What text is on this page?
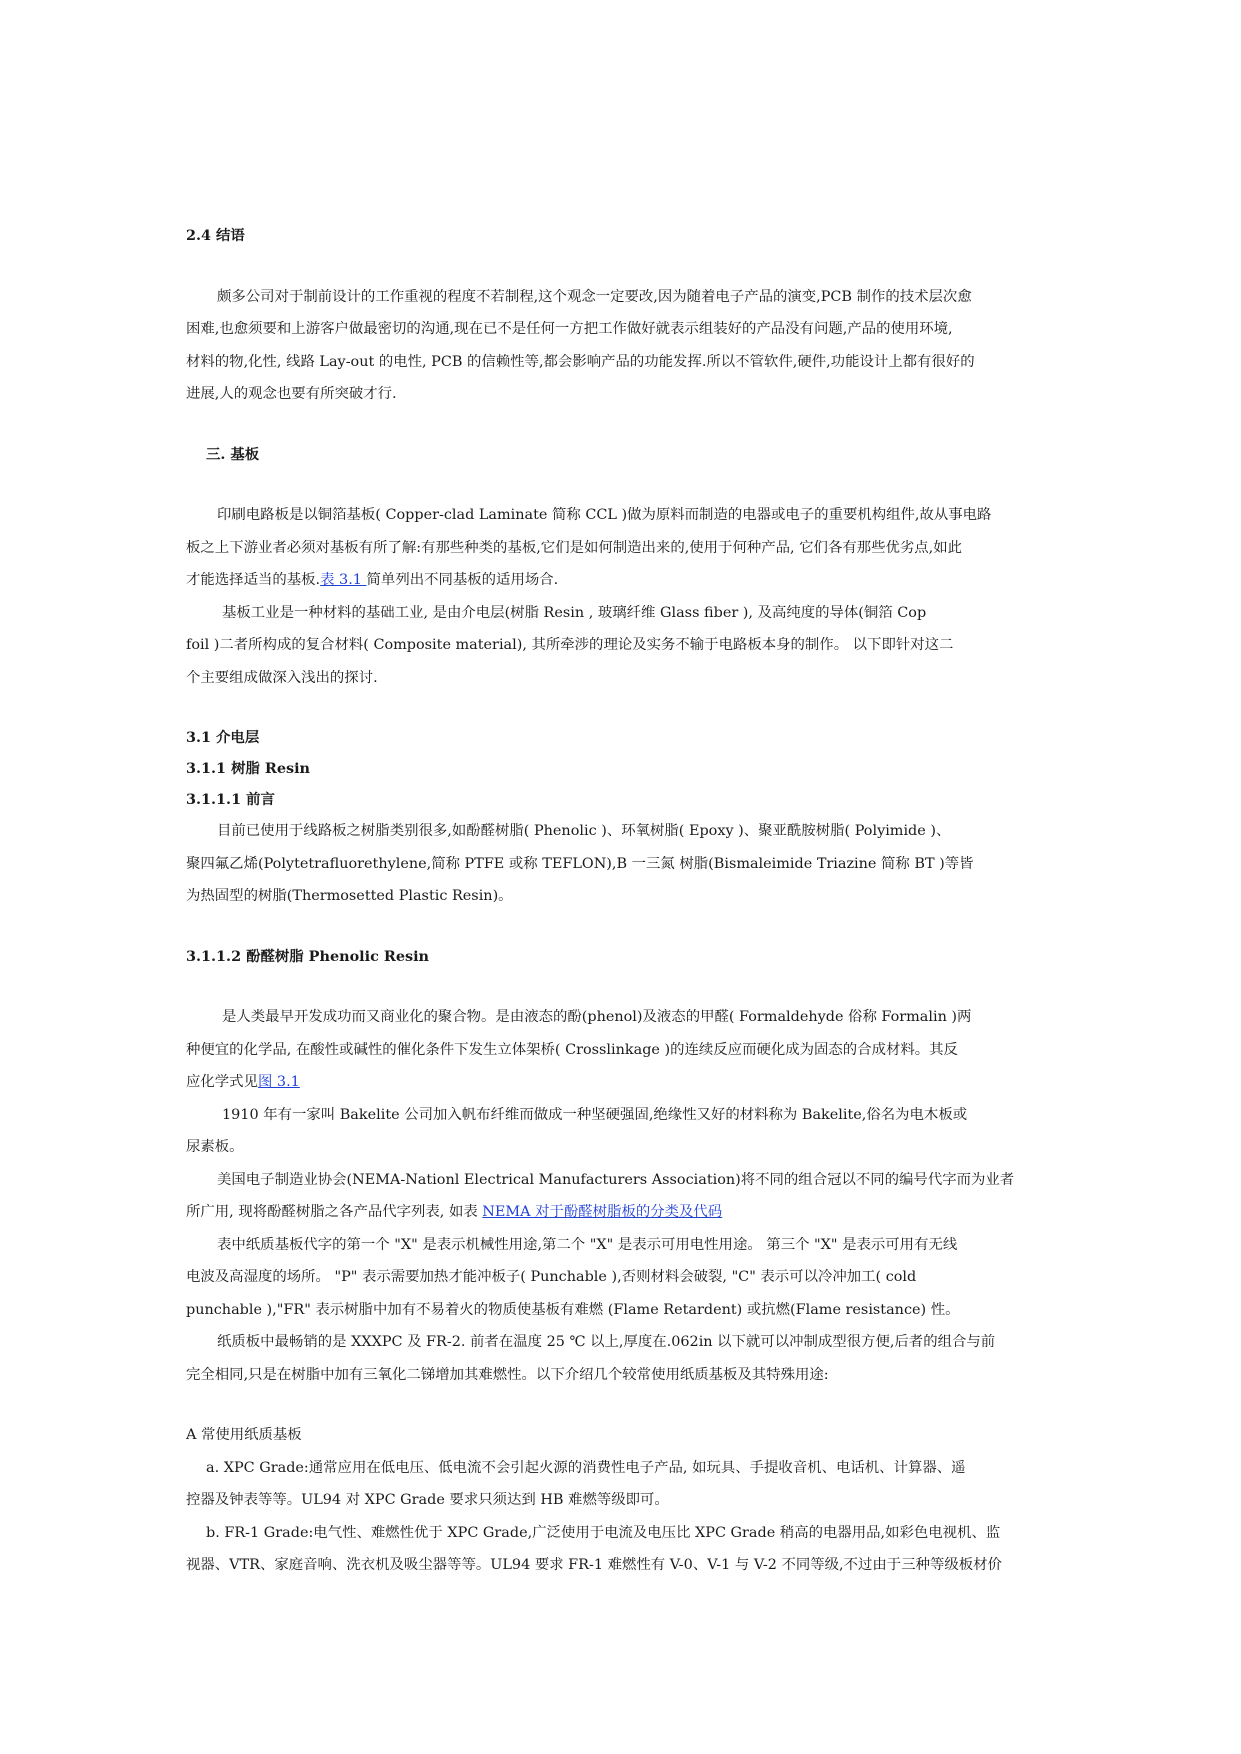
2.4 结语
颇多公司对于制前设计的工作重视的程度不若制程,这个观念一定要改,因为随着电子产品的演变,PCB 制作的技术层次愈
困难,也愈须要和上游客户做最密切的沟通,现在已不是任何一方把工作做好就表示组装好的产品没有问题,产品的使用环境,
材料的物,化性, 线路 Lay-out 的电性, PCB 的信赖性等,都会影响产品的功能发挥.所以不管软件,硬件,功能设计上都有很好的
进展,人的观念也要有所突破才行.
三. 基板
印刷电路板是以铜箔基板( Copper-clad Laminate 简称 CCL )做为原料而制造的电器或电子的重要机构组件,故从事电路
板之上下游业者必须对基板有所了解:有那些种类的基板,它们是如何制造出来的,使用于何种产品, 它们各有那些优劣点,如此
才能选择适当的基板.表 3.1 简单列出不同基板的适用场合.
基板工业是一种材料的基础工业, 是由介电层(树脂 Resin , 玻璃纤维 Glass fiber ), 及高纯度的导体(铜箔 Cop
foil )二者所构成的复合材料( Composite material), 其所牵涉的理论及实务不输于电路板本身的制作。 以下即针对这二
个主要组成做深入浅出的探讨.
3.1 介电层
3.1.1 树脂 Resin
3.1.1.1 前言
目前已使用于线路板之树脂类别很多,如酚醛树脂( Phenolic )、环氧树脂( Epoxy )、聚亚酰胺树脂( Polyimide )、
聚四氟乙烯(Polytetrafluorethylene,简称 PTFE 或称 TEFLON),B 一三氮 树脂(Bismaleimide Triazine 简称 BT )等皆
为热固型的树脂(Thermosetted Plastic Resin)。
3.1.1.2 酚醛树脂 Phenolic Resin
是人类最早开发成功而又商业化的聚合物。是由液态的酚(phenol)及液态的甲醛( Formaldehyde 俗称 Formalin )两
种便宜的化学品, 在酸性或碱性的催化条件下发生立体架桥( Crosslinkage )的连续反应而硬化成为固态的合成材料。其反
应化学式见图 3.1
1910 年有一家叫 Bakelite 公司加入帆布纤维而做成一种坚硬强固,绝缘性又好的材料称为 Bakelite,俗名为电木板或
尿素板。
美国电子制造业协会(NEMA-Nationl Electrical Manufacturers Association)将不同的组合冠以不同的编号代字而为业者
所广用, 现将酚醛树脂之各产品代字列表, 如表 NEMA 对于酚醛树脂板的分类及代码
表中纸质基板代字的第一个 "X" 是表示机械性用途,第二个 "X" 是表示可用电性用途。 第三个 "X" 是表示可用有无线
电波及高湿度的场所。 "P" 表示需要加热才能冲板子( Punchable ),否则材料会破裂, "C" 表示可以冷冲加工( cold
punchable ),"FR" 表示树脂中加有不易着火的物质使基板有难燃 (Flame Retardent) 或抗燃(Flame resistance) 性。
纸质板中最畅销的是 XXXPC 及 FR-2. 前者在温度 25 ℃ 以上,厚度在.062in 以下就可以冲制成型很方便,后者的组合与前
完全相同,只是在树脂中加有三氧化二锑增加其难燃性。以下介绍几个较常使用纸质基板及其特殊用途:
A 常使用纸质基板
a. XPC Grade:通常应用在低电压、低电流不会引起火源的消费性电子产品, 如玩具、手提收音机、电话机、计算器、遥
控器及钟表等等。UL94 对 XPC Grade 要求只须达到 HB 难燃等级即可。
b. FR-1 Grade:电气性、难燃性优于 XPC Grade,广泛使用于电流及电压比 XPC Grade 稍高的电器用品,如彩色电视机、监
视器、VTR、家庭音响、洗衣机及吸尘器等等。UL94 要求 FR-1 难燃性有 V-0、V-1 与 V-2 不同等级,不过由于三种等级板材价
